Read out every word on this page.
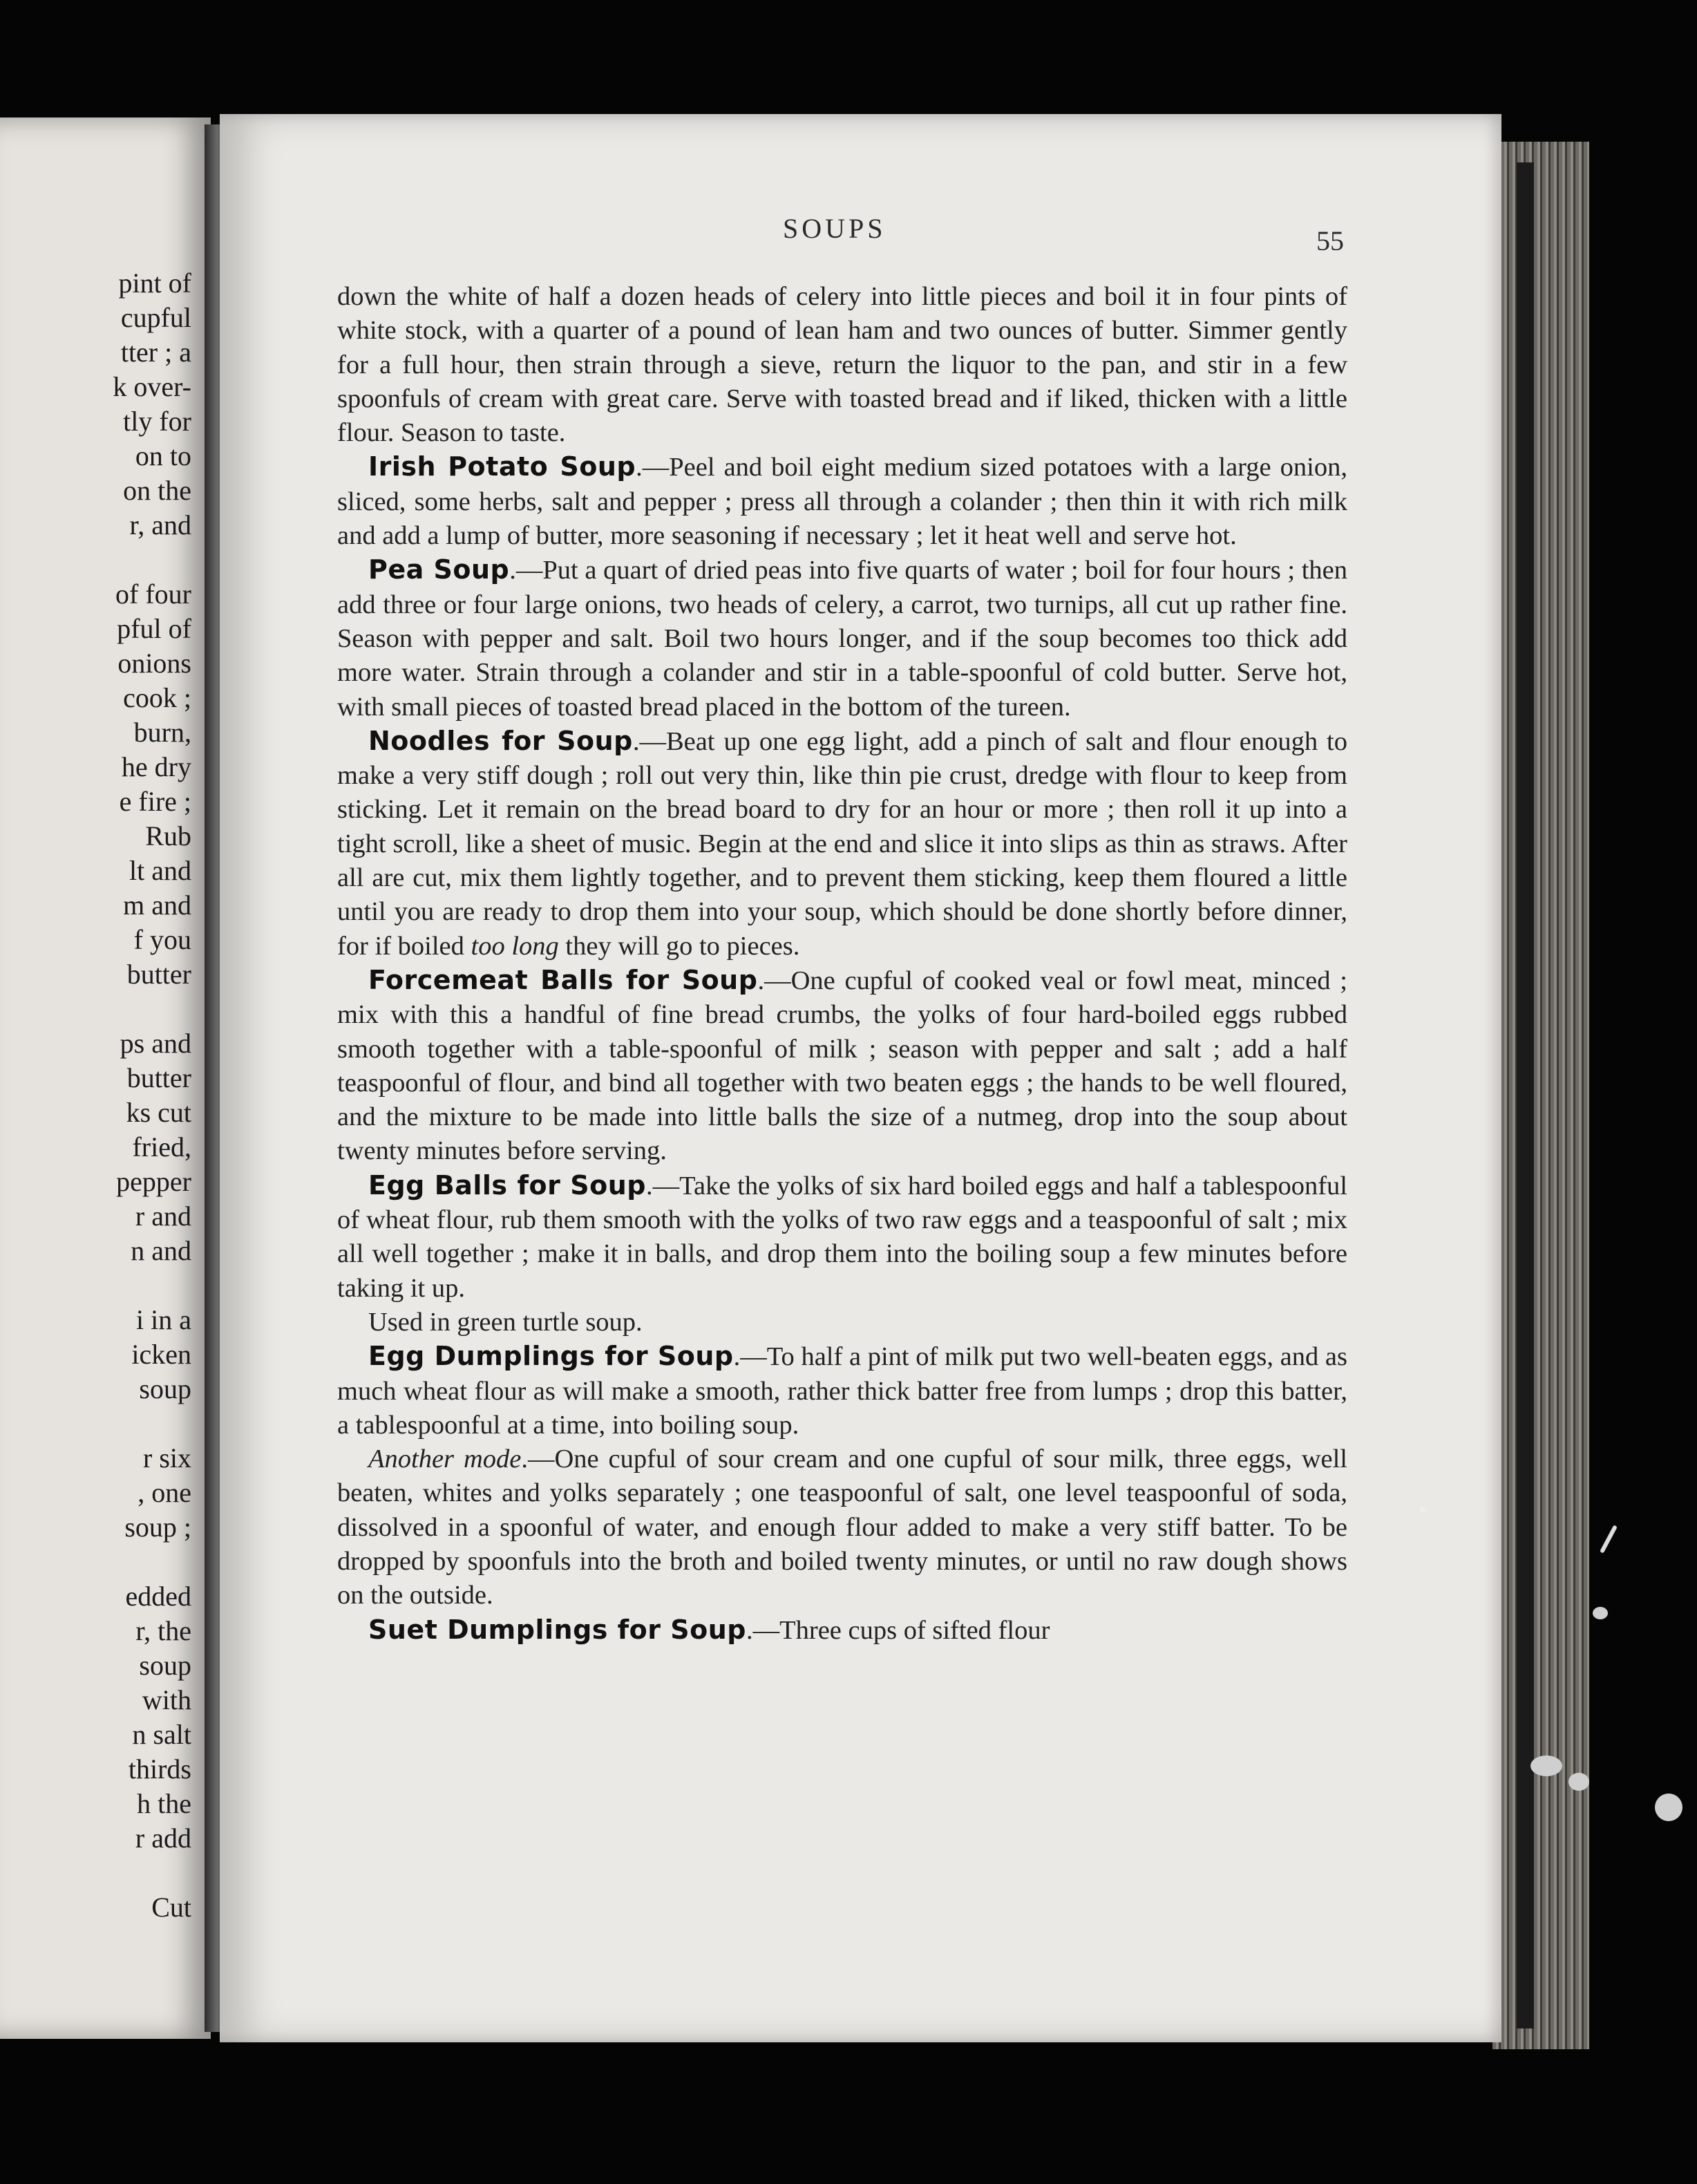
pint of

cupful

tter ; a

k over-

tly for

on to

on the

r, and

of four

pful of

onions

cook ;

burn,

he dry

e fire ;

Rub

lt and

m and

f you

butter

ps and

butter

ks cut

fried,

pepper

r and

n and

i in a

icken

soup

r six

, one

soup ;

edded

r, the

soup

with

n salt

thirds

h the

r add

Cut

SOUPS	55

down the white of half a dozen heads of celery into little pieces and boil it in four pints of white stock, with a quarter of a pound of lean ham and two ounces of butter. Simmer gently for a full hour, then strain through a sieve, return the liquor to the pan, and stir in a few spoonfuls of cream with great care. Serve with toasted bread and if liked, thicken with a little flour. Season to taste.

Irish Potato Soup.—Peel and boil eight medium sized potatoes with a large onion, sliced, some herbs, salt and pepper ; press all through a colander ; then thin it with rich milk and add a lump of butter, more seasoning if necessary ; let it heat well and serve hot.

Pea Soup.—Put a quart of dried peas into five quarts of water ; boil for four hours ; then add three or four large onions, two heads of celery, a carrot, two turnips, all cut up rather fine. Season with pepper and salt. Boil two hours longer, and if the soup becomes too thick add more water. Strain through a colander and stir in a table-spoonful of cold butter. Serve hot, with small pieces of toasted bread placed in the bottom of the tureen.

Noodles for Soup.—Beat up one egg light, add a pinch of salt and flour enough to make a very stiff dough ; roll out very thin, like thin pie crust, dredge with flour to keep from sticking. Let it remain on the bread board to dry for an hour or more ; then roll it up into a tight scroll, like a sheet of music. Begin at the end and slice it into slips as thin as straws. After all are cut, mix them lightly together, and to prevent them sticking, keep them floured a little until you are ready to drop them into your soup, which should be done shortly before dinner, for if boiled too long they will go to pieces.

Forcemeat Balls for Soup.—One cupful of cooked veal or fowl meat, minced ; mix with this a handful of fine bread crumbs, the yolks of four hard-boiled eggs rubbed smooth together with a table-spoonful of milk ; season with pepper and salt ; add a half teaspoonful of flour, and bind all together with two beaten eggs ; the hands to be well floured, and the mixture to be made into little balls the size of a nutmeg, drop into the soup about twenty minutes before serving.

Egg Balls for Soup.—Take the yolks of six hard boiled eggs and half a tablespoonful of wheat flour, rub them smooth with the yolks of two raw eggs and a teaspoonful of salt ; mix all well together ; make it in balls, and drop them into the boiling soup a few minutes before taking it up.

Used in green turtle soup.

Egg Dumplings for Soup.—To half a pint of milk put two well-beaten eggs, and as much wheat flour as will make a smooth, rather thick batter free from lumps ; drop this batter, a tablespoonful at a time, into boiling soup.

Another mode.—One cupful of sour cream and one cupful of sour milk, three eggs, well beaten, whites and yolks separately ; one teaspoonful of salt, one level teaspoonful of soda, dissolved in a spoonful of water, and enough flour added to make a very stiff batter. To be dropped by spoonfuls into the broth and boiled twenty minutes, or until no raw dough shows on the outside.

Suet Dumplings for Soup.—Three cups of sifted flour
